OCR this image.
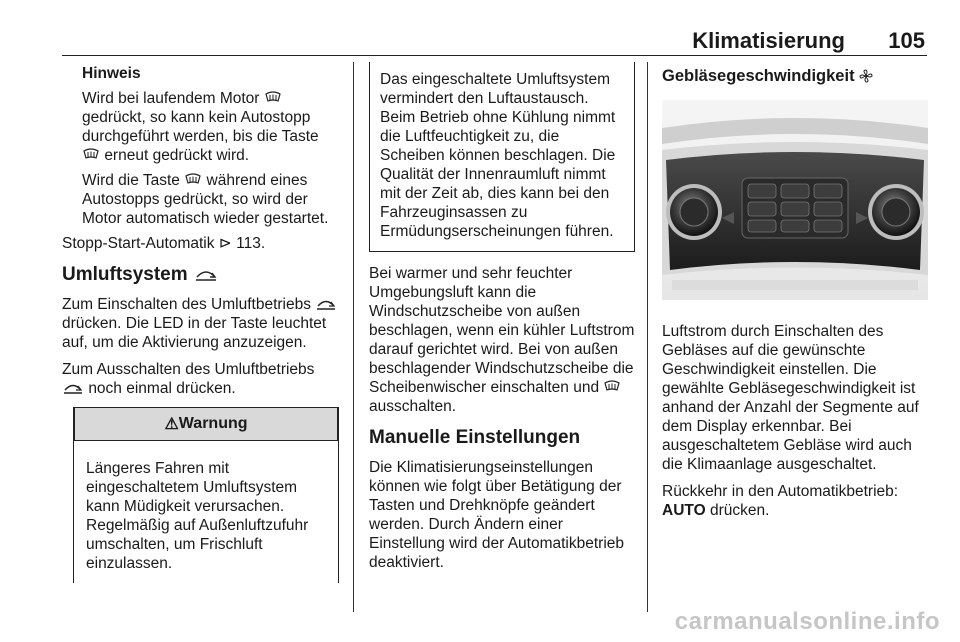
Klimatisierung 105

Hinweis

Wird bei laufendem Motor  gedrückt, so kann kein Autostopp durchgeführt werden, bis die Taste  erneut gedrückt wird.

Wird die Taste während eines Autostopps gedrückt, so wird der Motor automatisch wieder gestartet.

Stopp-Start-Automatik ⊳ 113.

Umluftsystem

Zum Einschalten des Umluftbetriebs  drücken. Die LED in der Taste leuchtet auf, um die Aktivierung anzuzeigen.

Zum Ausschalten des Umluftbetriebs  noch einmal drücken.

⚠ Warnung
Längeres Fahren mit eingeschaltetem Umluftsystem kann Müdigkeit verursachen. Regelmäßig auf Außenluftzufuhr umschalten, um Frischluft einzulassen.
Das eingeschaltete Umluftsystem vermindert den Luftaustausch. Beim Betrieb ohne Kühlung nimmt die Luftfeuchtigkeit zu, die Scheiben können beschlagen. Die Qualität der Innenraumluft nimmt mit der Zeit ab, dies kann bei den Fahrzeuginsassen zu Ermüdungserscheinungen führen.

Bei warmer und sehr feuchter Umgebungsluft kann die Windschutzscheibe von außen beschlagen, wenn ein kühler Luftstrom darauf gerichtet wird. Bei von außen beschlagender Windschutzscheibe die Scheibenwischer einschalten und  ausschalten.

Manuelle Einstellungen

Die Klimatisierungseinstellungen können wie folgt über Betätigung der Tasten und Drehknöpfe geändert werden. Durch Ändern einer Einstellung wird der Automatikbetrieb deaktiviert.

Gebläsegeschwindigkeit

Luftstrom durch Einschalten des Gebläses auf die gewünschte Geschwindigkeit einstellen. Die gewählte Gebläsegeschwindigkeit ist anhand der Anzahl der Segmente auf dem Display erkennbar. Bei ausgeschaltetem Gebläse wird auch die Klimaanlage ausgeschaltet.

Rückkehr in den Automatikbetrieb: AUTO drücken.

carmanualsonline.info
